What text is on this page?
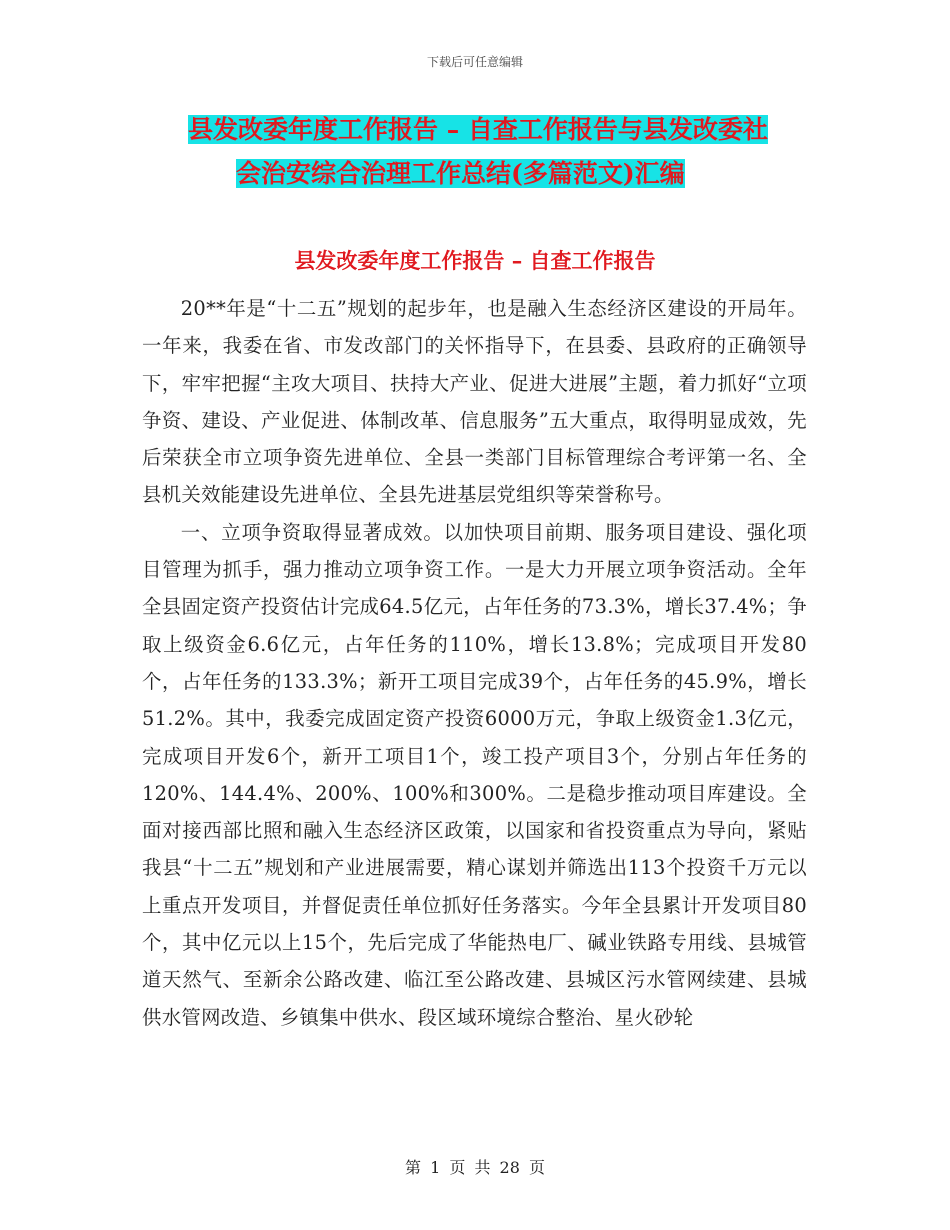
下载后可任意编辑
县发改委年度工作报告 – 自查工作报告与县发改委社
会治安综合治理工作总结(多篇范文)汇编
县发改委年度工作报告 – 自查工作报告

20**年是“十二五”规划的起步年，也是融入生态经济区建设的开局年。一年来，我委在省、市发改部门的关怀指导下，在县委、县政府的正确领导下，牢牢把握“主攻大项目、扶持大产业、促进大进展”主题，着力抓好“立项争资、建设、产业促进、体制改革、信息服务”五大重点，取得明显成效，先后荣获全市立项争资先进单位、全县一类部门目标管理综合考评第一名、全县机关效能建设先进单位、全县先进基层党组织等荣誉称号。

一、立项争资取得显著成效。以加快项目前期、服务项目建设、强化项目管理为抓手，强力推动立项争资工作。一是大力开展立项争资活动。全年全县固定资产投资估计完成64.5亿元，占年任务的73.3%，增长37.4%；争取上级资金6.6亿元，占年任务的110%，增长13.8%；完成项目开发80个，占年任务的133.3%；新开工项目完成39个，占年任务的45.9%，增长51.2%。其中，我委完成固定资产投资6000万元，争取上级资金1.3亿元，完成项目开发6个，新开工项目1个，竣工投产项目3个，分别占年任务的120%、144.4%、200%、100%和300%。二是稳步推动项目库建设。全面对接西部比照和融入生态经济区政策，以国家和省投资重点为导向，紧贴我县“十二五”规划和产业进展需要，精心谋划并筛选出113个投资千万元以上重点开发项目，并督促责任单位抓好任务落实。今年全县累计开发项目80个，其中亿元以上15个，先后完成了华能热电厂、碱业铁路专用线、县城管道天然气、至新余公路改建、临江至公路改建、县城区污水管网续建、县城供水管网改造、乡镇集中供水、段区域环境综合整治、星火砂轮

第 1 页 共 28 页
